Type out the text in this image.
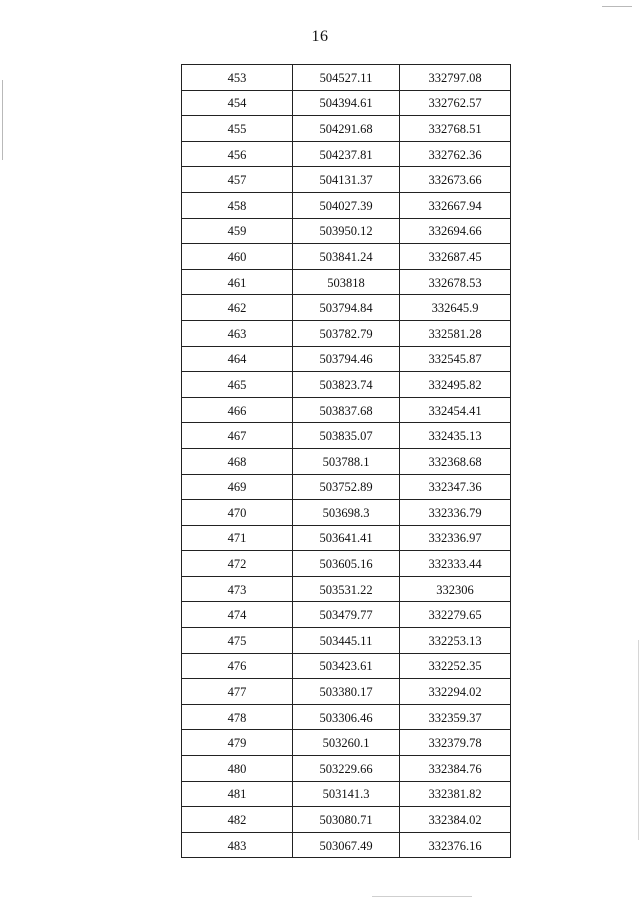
16
453	504527.11	332797.08
454	504394.61	332762.57
455	504291.68	332768.51
456	504237.81	332762.36
457	504131.37	332673.66
458	504027.39	332667.94
459	503950.12	332694.66
460	503841.24	332687.45
461	503818	332678.53
462	503794.84	332645.9
463	503782.79	332581.28
464	503794.46	332545.87
465	503823.74	332495.82
466	503837.68	332454.41
467	503835.07	332435.13
468	503788.1	332368.68
469	503752.89	332347.36
470	503698.3	332336.79
471	503641.41	332336.97
472	503605.16	332333.44
473	503531.22	332306
474	503479.77	332279.65
475	503445.11	332253.13
476	503423.61	332252.35
477	503380.17	332294.02
478	503306.46	332359.37
479	503260.1	332379.78
480	503229.66	332384.76
481	503141.3	332381.82
482	503080.71	332384.02
483	503067.49	332376.16
